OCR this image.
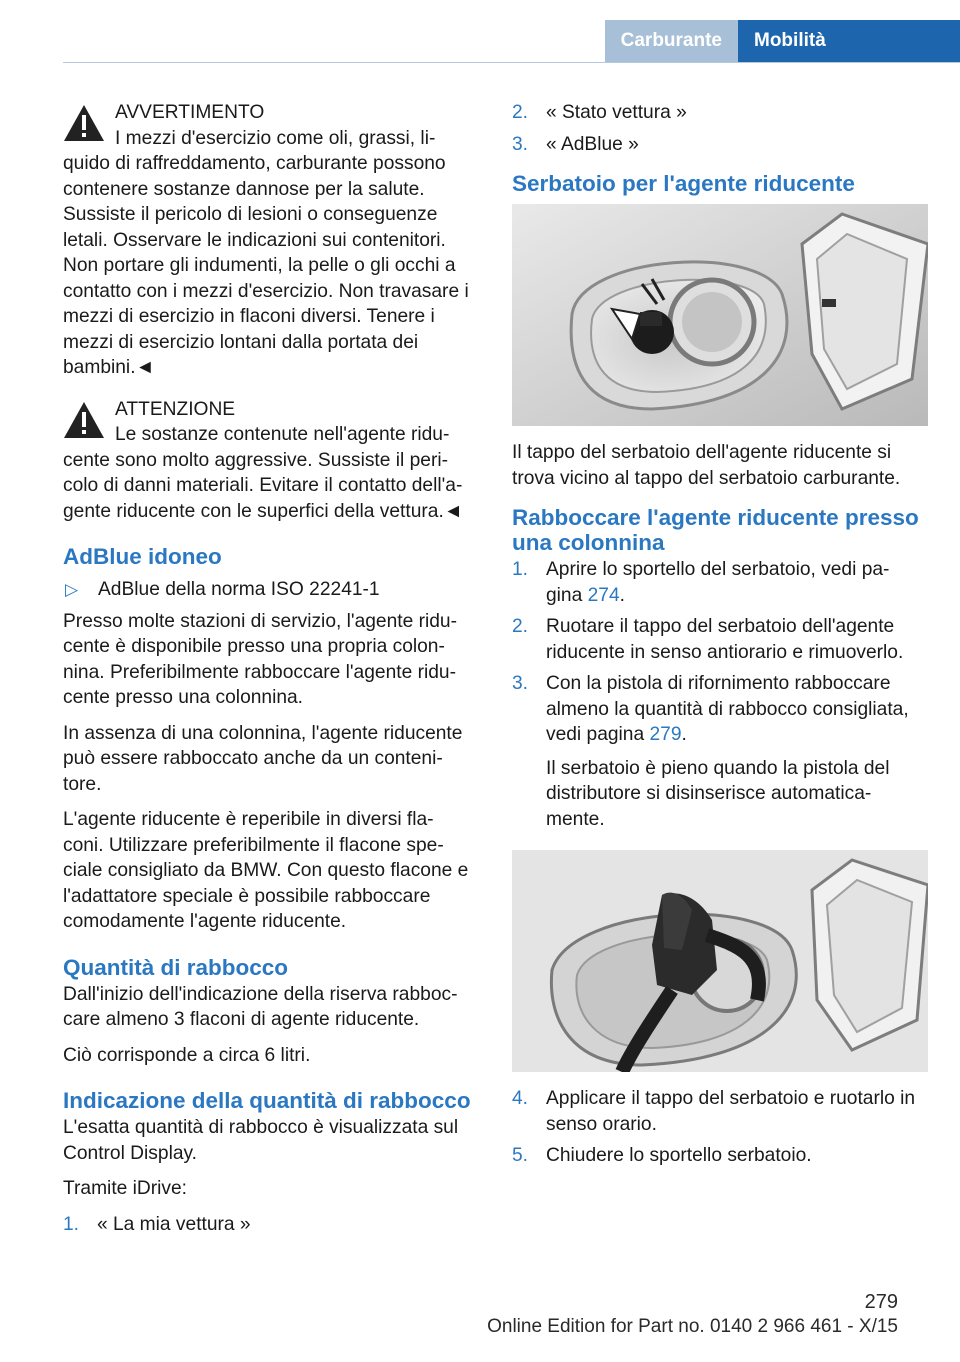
Carburante	Mobilità
AVVERTIMENTO
I mezzi d'esercizio come oli, grassi, li-

quido di raffreddamento, carburante possono contenere sostanze dannose per la salute. Sussiste il pericolo di lesioni o conseguenze letali. Osservare le indicazioni sui contenitori. Non portare gli indumenti, la pelle o gli occhi a contatto con i mezzi d'esercizio. Non travasare i mezzi di esercizio in flaconi diversi. Tenere i mezzi di esercizio lontani dalla portata dei bambini.◄

ATTENZIONE
Le sostanze contenute nell'agente ridu-

cente sono molto aggressive. Sussiste il peri- colo di danni materiali. Evitare il contatto dell'a- gente riducente con le superfici della vettura.◄

AdBlue idoneo
▷ AdBlue della norma ISO 22241‑1

Presso molte stazioni di servizio, l'agente ridu- cente è disponibile presso una propria colon- nina. Preferibilmente rabboccare l'agente ridu- cente presso una colonnina.

In assenza di una colonnina, l'agente riducente può essere rabboccato anche da un conteni- tore.

L'agente riducente è reperibile in diversi fla- coni. Utilizzare preferibilmente il flacone spe- ciale consigliato da BMW. Con questo flacone e l'adattatore speciale è possibile rabboccare comodamente l'agente riducente.

Quantità di rabbocco

Dall'inizio dell'indicazione della riserva rabboc- care almeno 3 flaconi di agente riducente.

Ciò corrisponde a circa 6 litri.

Indicazione della quantità di rabbocco

L'esatta quantità di rabbocco è visualizzata sul Control Display.

Tramite iDrive:

1. « La mia vettura »
2. « Stato vettura »
3. « AdBlue »
Serbatoio per l'agente riducente

Il tappo del serbatoio dell'agente riducente si trova vicino al tappo del serbatoio carburante.

Rabboccare l'agente riducente presso una colonnina
1. Aprire lo sportello del serbatoio, vedi pa- gina 274.
2. Ruotare il tappo del serbatoio dell'agente riducente in senso antiorario e rimuoverlo.
3. Con la pistola di rifornimento rabboccare almeno la quantità di rabbocco consigliata, vedi pagina 279.
Il serbatoio è pieno quando la pistola del distributore si disinserisce automatica- mente.
4. Applicare il tappo del serbatoio e ruotarlo in senso orario.
5. Chiudere lo sportello serbatoio.
279
Online Edition for Part no. 0140 2 966 461 - X/15
